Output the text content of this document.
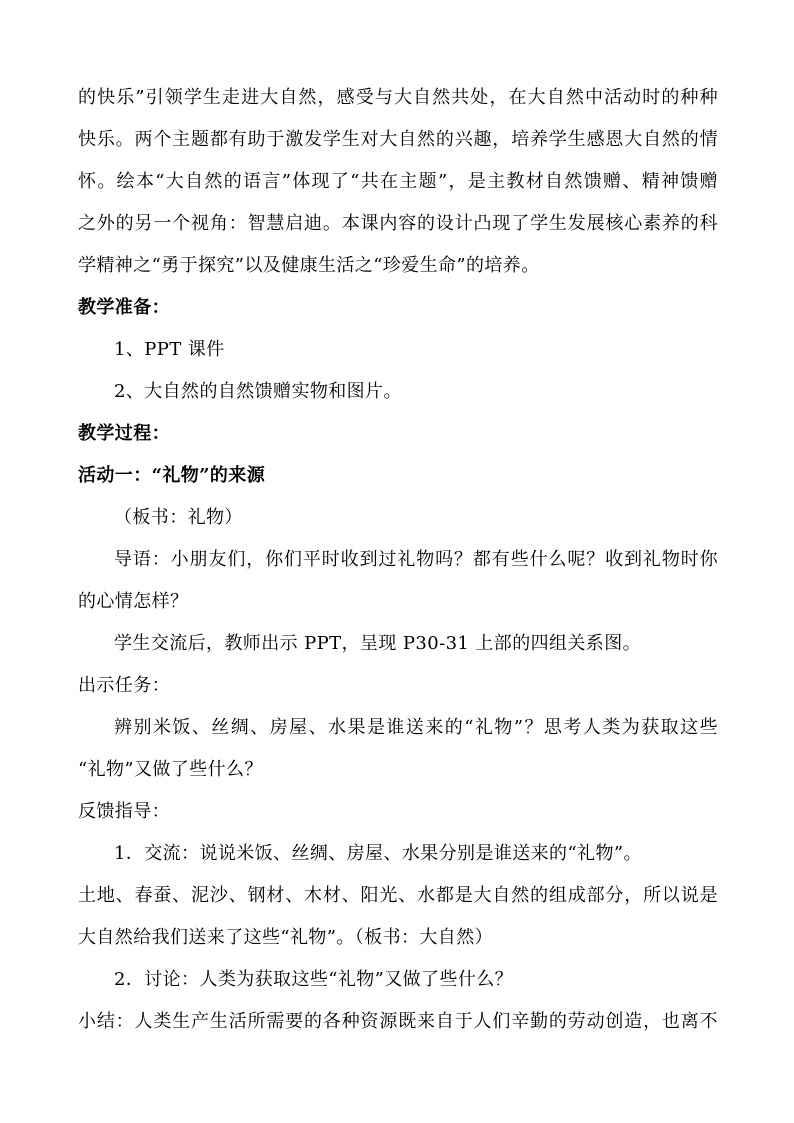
的快乐”引领学生走进大自然，感受与大自然共处，在大自然中活动时的种种
快乐。两个主题都有助于激发学生对大自然的兴趣，培养学生感恩大自然的情
怀。绘本“大自然的语言”体现了“共在主题”，是主教材自然馈赠、精神馈赠
之外的另一个视角：智慧启迪。本课内容的设计凸现了学生发展核心素养的科
学精神之“勇于探究”以及健康生活之“珍爱生命”的培养。
教学准备：
1、PPT 课件
2、大自然的自然馈赠实物和图片。
教学过程：
活动一：“礼物”的来源
（板书：礼物）
导语：小朋友们，你们平时收到过礼物吗？都有些什么呢？收到礼物时你
的心情怎样？
学生交流后，教师出示 PPT，呈现 P30-31 上部的四组关系图。
出示任务：
辨别米饭、丝绸、房屋、水果是谁送来的“礼物”？思考人类为获取这些
“礼物”又做了些什么？
反馈指导：
1．交流：说说米饭、丝绸、房屋、水果分别是谁送来的“礼物”。
土地、春蚕、泥沙、钢材、木材、阳光、水都是大自然的组成部分，所以说是
大自然给我们送来了这些“礼物”。（板书：大自然）
2．讨论：人类为获取这些“礼物”又做了些什么？
小结：人类生产生活所需要的各种资源既来自于人们辛勤的劳动创造，也离不
